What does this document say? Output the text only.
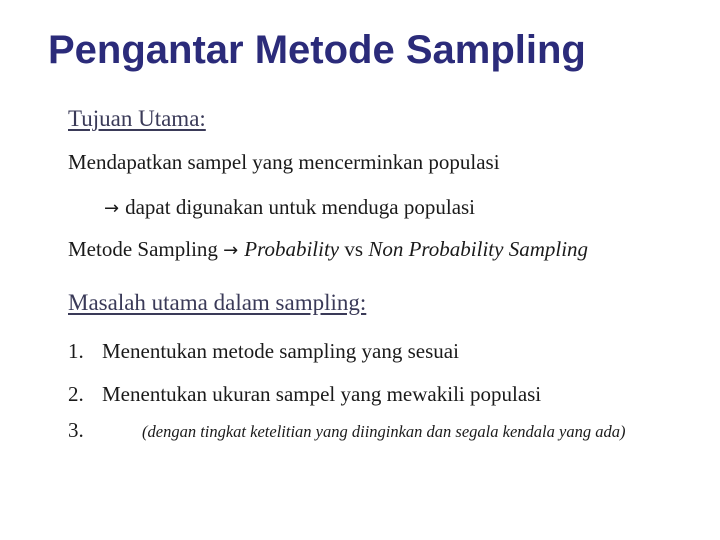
Pengantar Metode Sampling
Tujuan Utama:
Mendapatkan sampel yang mencerminkan populasi
→ dapat digunakan untuk menduga populasi
Metode Sampling → Probability vs Non Probability Sampling
Masalah utama dalam sampling:
1. Menentukan metode sampling yang sesuai
2. Menentukan ukuran sampel yang mewakili populasi
3.	(dengan tingkat ketelitian yang diinginkan dan segala kendala yang ada)
